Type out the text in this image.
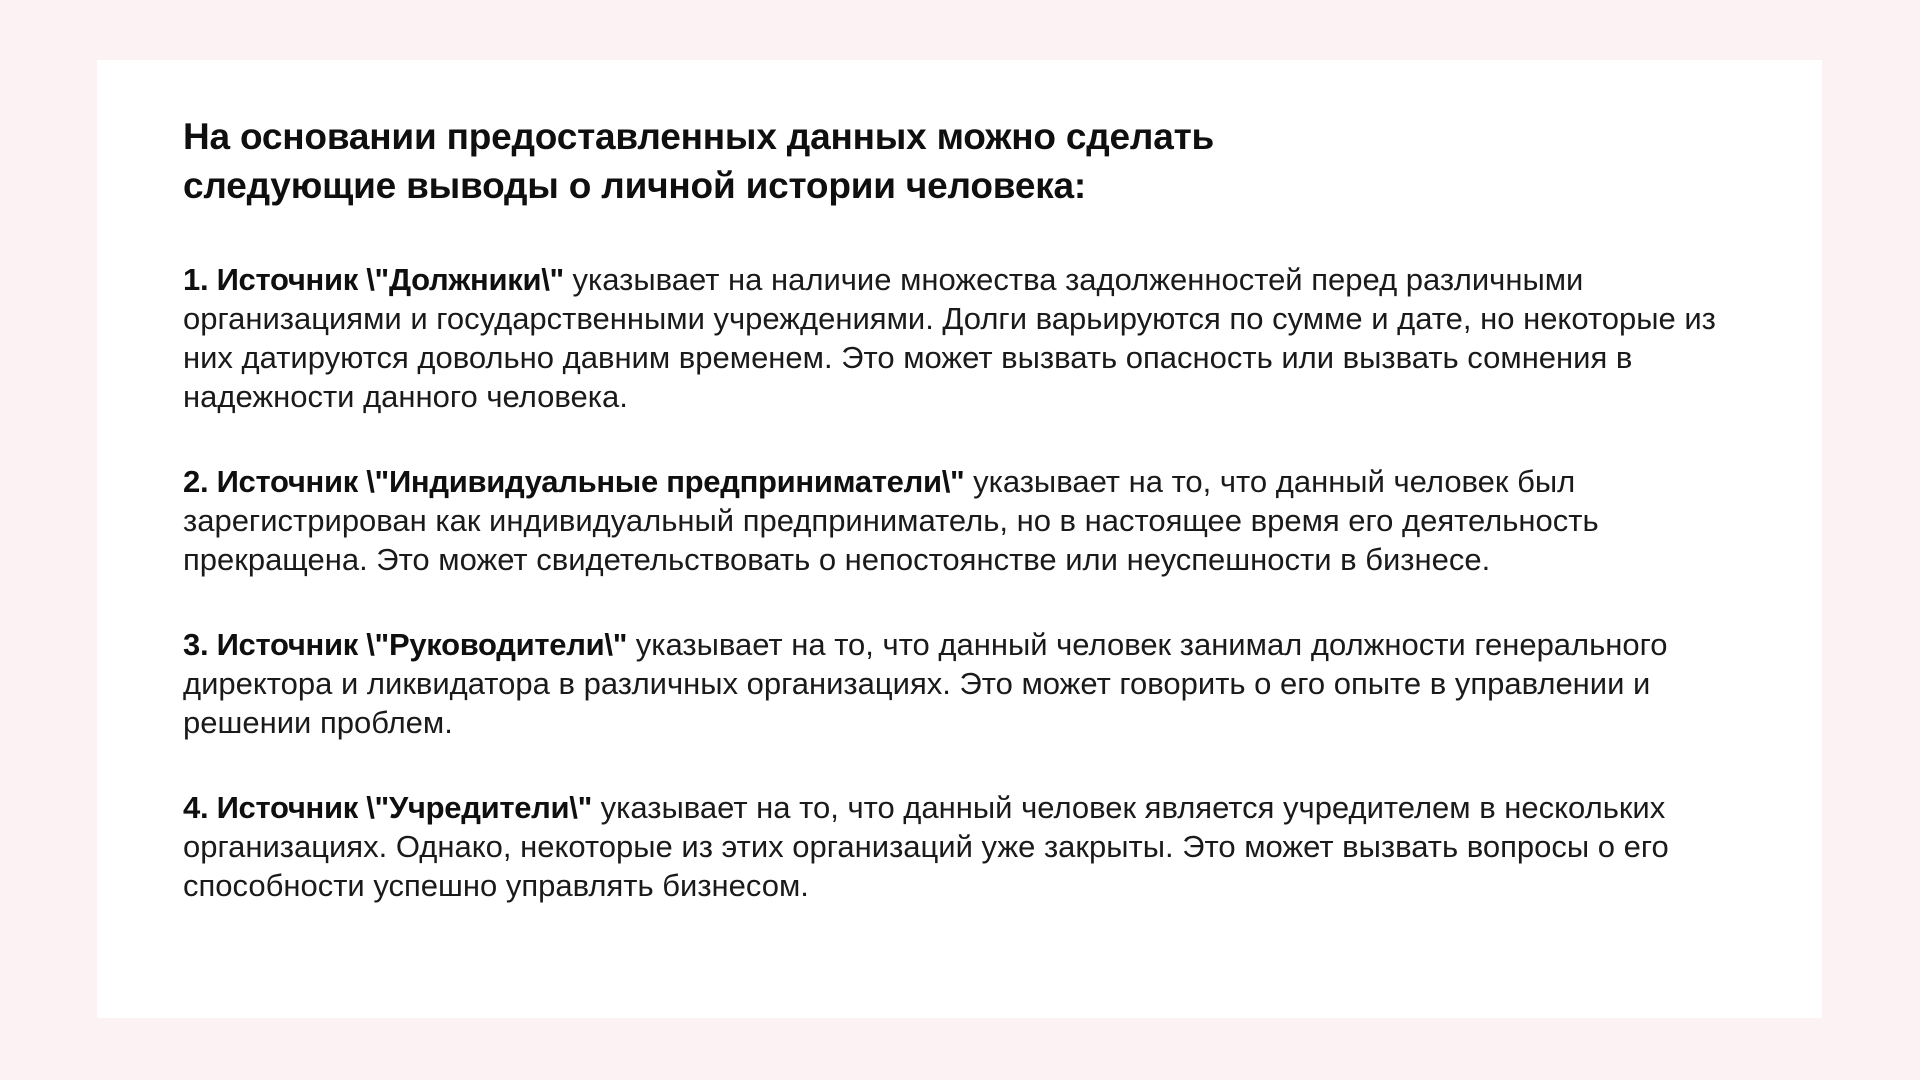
На основании предоставленных данных можно сделать следующие выводы о личной истории человека:

1. Источник \"Должники\" указывает на наличие множества задолженностей перед различными организациями и государственными учреждениями. Долги варьируются по сумме и дате, но некоторые из них датируются довольно давним временем. Это может вызвать опасность или вызвать сомнения в надежности данного человека.

2. Источник \"Индивидуальные предприниматели\" указывает на то, что данный человек был зарегистрирован как индивидуальный предприниматель, но в настоящее время его деятельность прекращена. Это может свидетельствовать о непостоянстве или неуспешности в бизнесе.

3. Источник \"Руководители\" указывает на то, что данный человек занимал должности генерального директора и ликвидатора в различных организациях. Это может говорить о его опыте в управлении и решении проблем.

4. Источник \"Учредители\" указывает на то, что данный человек является учредителем в нескольких организациях. Однако, некоторые из этих организаций уже закрыты. Это может вызвать вопросы о его способности успешно управлять бизнесом.
